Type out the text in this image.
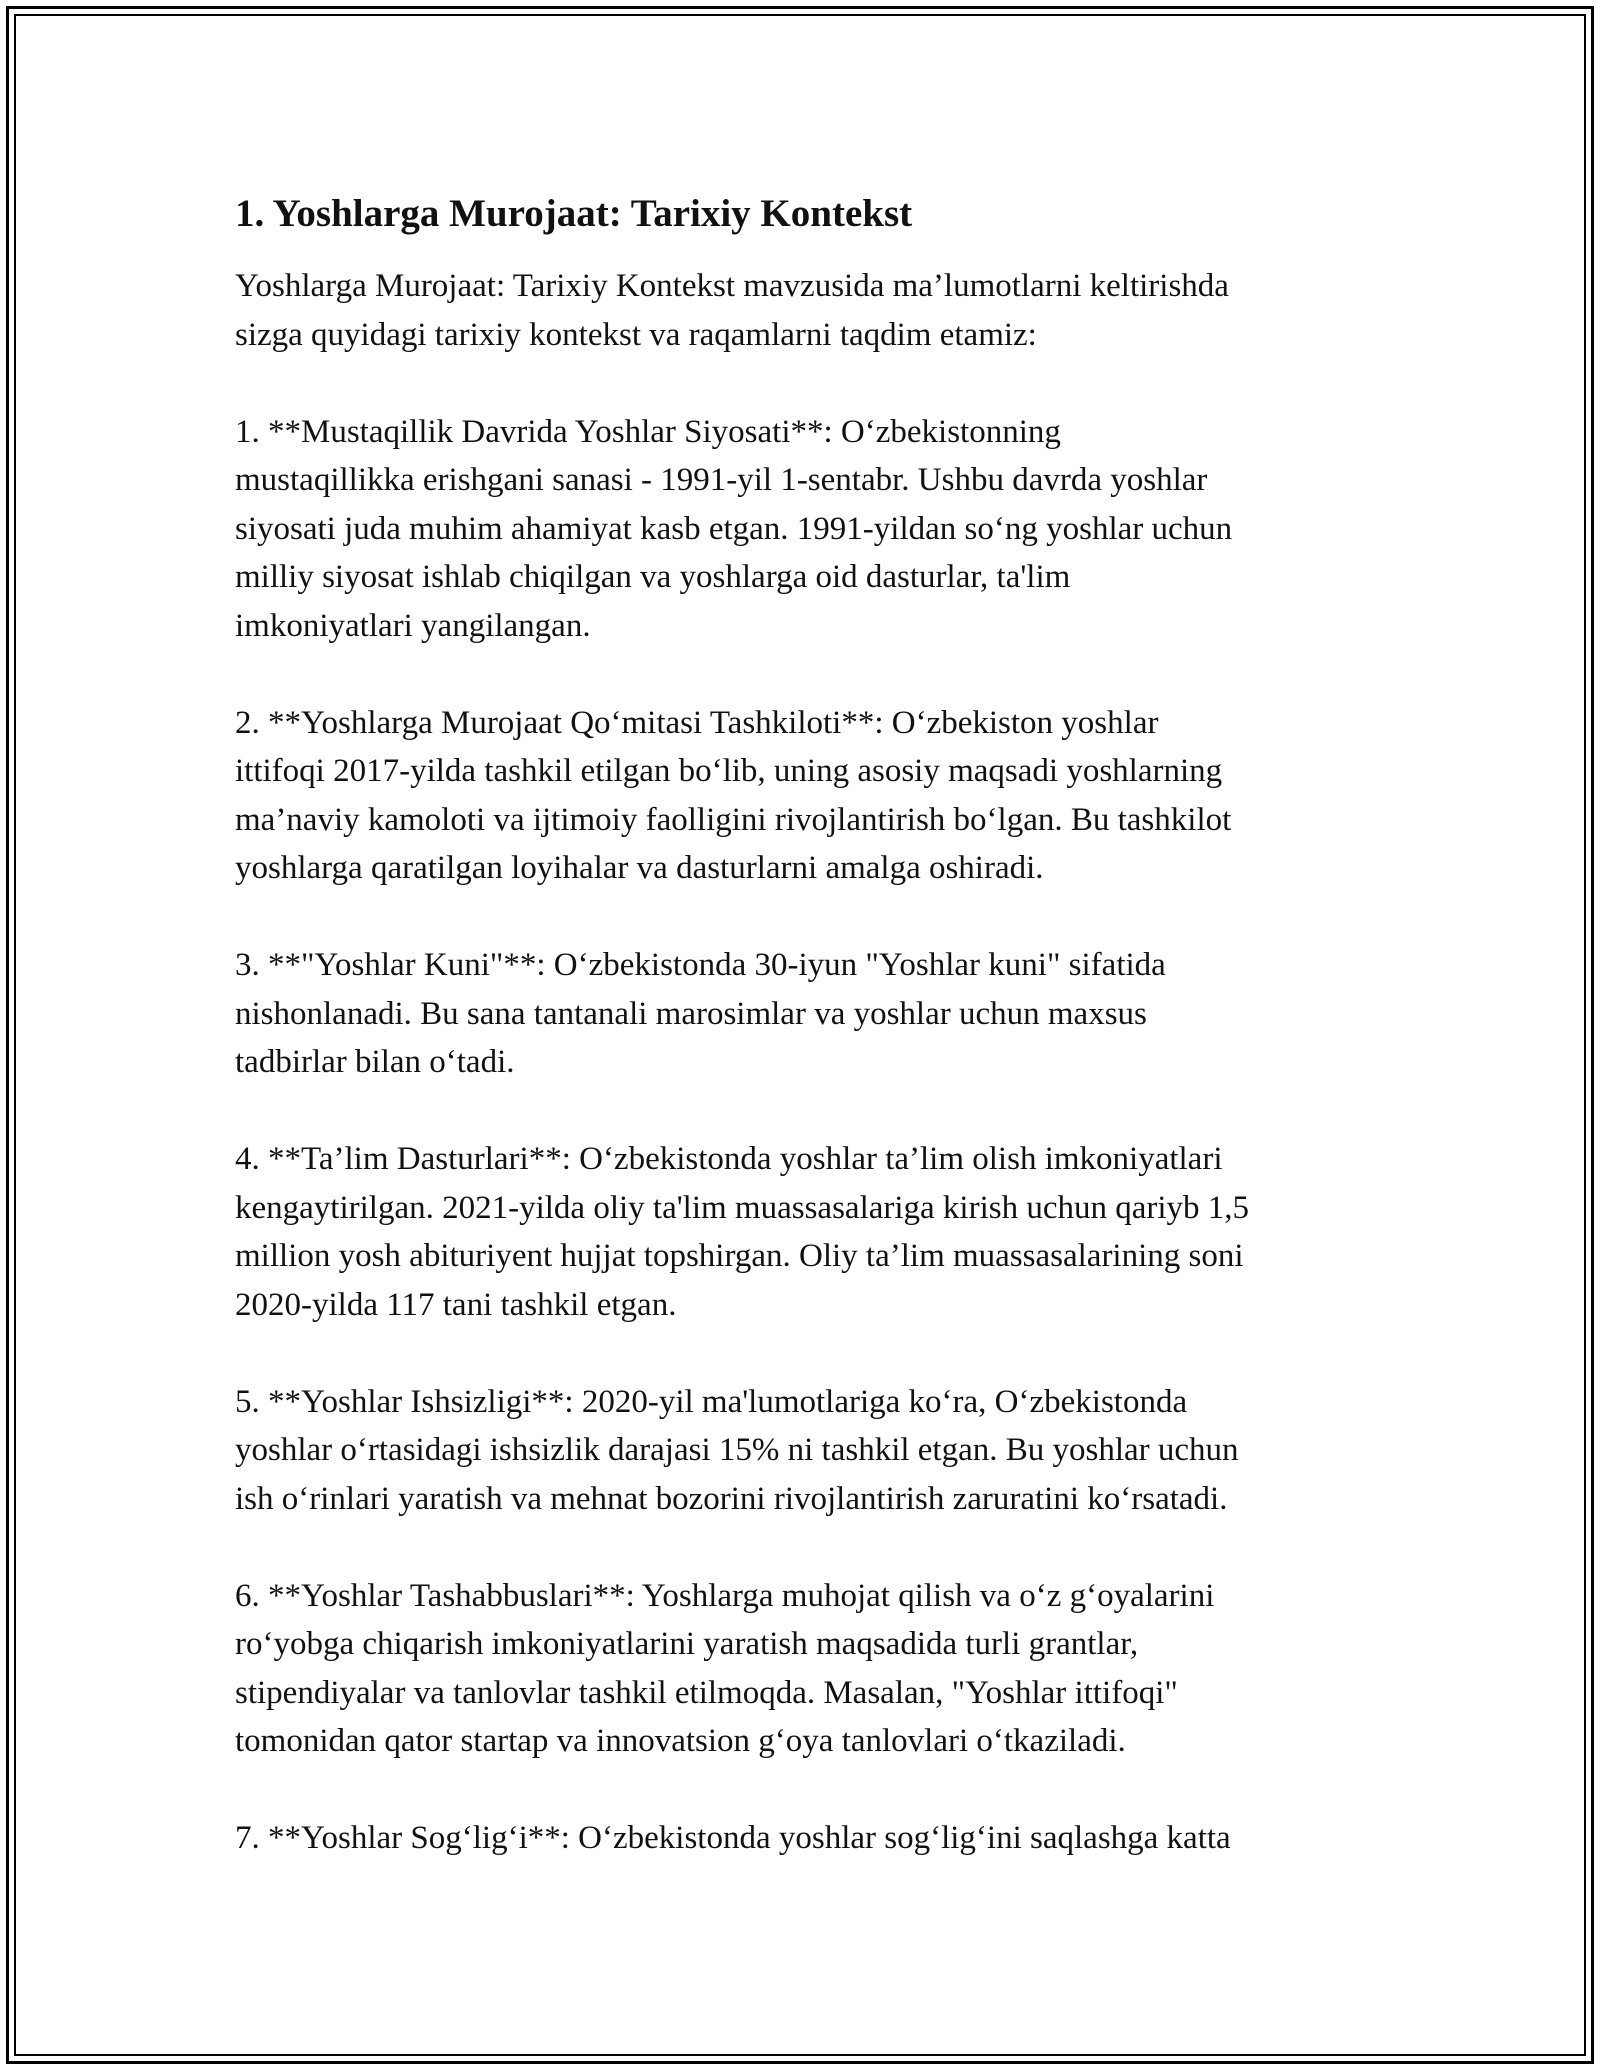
1. Yoshlarga Murojaat: Tarixiy Kontekst

Yoshlarga Murojaat: Tarixiy Kontekst mavzusida ma’lumotlarni keltirishda
sizga quyidagi tarixiy kontekst va raqamlarni taqdim etamiz:

1. **Mustaqillik Davrida Yoshlar Siyosati**: O‘zbekistonning
mustaqillikka erishgani sanasi - 1991-yil 1-sentabr. Ushbu davrda yoshlar
siyosati juda muhim ahamiyat kasb etgan. 1991-yildan so‘ng yoshlar uchun
milliy siyosat ishlab chiqilgan va yoshlarga oid dasturlar, ta'lim
imkoniyatlari yangilangan.

2. **Yoshlarga Murojaat Qo‘mitasi Tashkiloti**: O‘zbekiston yoshlar
ittifoqi 2017-yilda tashkil etilgan bo‘lib, uning asosiy maqsadi yoshlarning
ma’naviy kamoloti va ijtimoiy faolligini rivojlantirish bo‘lgan. Bu tashkilot
yoshlarga qaratilgan loyihalar va dasturlarni amalga oshiradi.

3. **"Yoshlar Kuni"**: O‘zbekistonda 30-iyun "Yoshlar kuni" sifatida
nishonlanadi. Bu sana tantanali marosimlar va yoshlar uchun maxsus
tadbirlar bilan o‘tadi.

4. **Ta’lim Dasturlari**: O‘zbekistonda yoshlar ta’lim olish imkoniyatlari
kengaytirilgan. 2021-yilda oliy ta'lim muassasalariga kirish uchun qariyb 1,5
million yosh abituriyent hujjat topshirgan. Oliy ta’lim muassasalarining soni
2020-yilda 117 tani tashkil etgan.

5. **Yoshlar Ishsizligi**: 2020-yil ma'lumotlariga ko‘ra, O‘zbekistonda
yoshlar o‘rtasidagi ishsizlik darajasi 15% ni tashkil etgan. Bu yoshlar uchun
ish o‘rinlari yaratish va mehnat bozorini rivojlantirish zaruratini ko‘rsatadi.

6. **Yoshlar Tashabbuslari**: Yoshlarga muhojat qilish va o‘z g‘oyalarini
ro‘yobga chiqarish imkoniyatlarini yaratish maqsadida turli grantlar,
stipendiyalar va tanlovlar tashkil etilmoqda. Masalan, "Yoshlar ittifoqi"
tomonidan qator startap va innovatsion g‘oya tanlovlari o‘tkaziladi.

7. **Yoshlar Sog‘lig‘i**: O‘zbekistonda yoshlar sog‘lig‘ini saqlashga katta
